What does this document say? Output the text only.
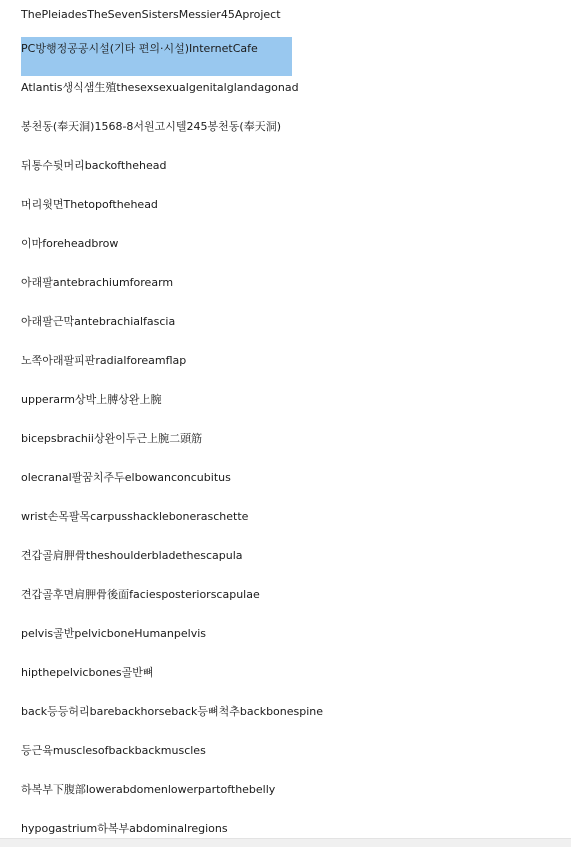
ThePleiadesTheSevenSistersMessier45Aproject
PC방행정공공시설(기타 편의·시설)InternetCafe
Atlantis생식샘生殖thesexsexualgenitalglandagonad
봉천동(奉天洞)1568-8서원고시텔245봉천동(奉天洞)
뒤통수뒷머리backofthehead
머리윗면Thetopofthehead
이마foreheadbrow
아래팔antebrachiumforearm
아래팔근막antebrachialfascia
노쪽아래팔피판radialforeamflap
upperarm상박上膊상완上腕
bicepsbrachii상완이두근上腕二頭筋
olecranal팔꿈치주두elbowanconcubitus
wrist손목팔목carpusshackleboneraschette
견갑골肩胛骨theshoulderbladethescapula
견갑골후면肩胛骨後面faciesposteriorscapulae
pelvis골반pelvicboneHumanpelvis
hipthepelvicbones골반뼈
back등등허리barebackhorseback등뼈척추backbonespine
등근육musclesofbackbackmuscles
하복부下腹部lowerabdomenlowerpartofthebelly
hypogastrium하복부abdominalregions
